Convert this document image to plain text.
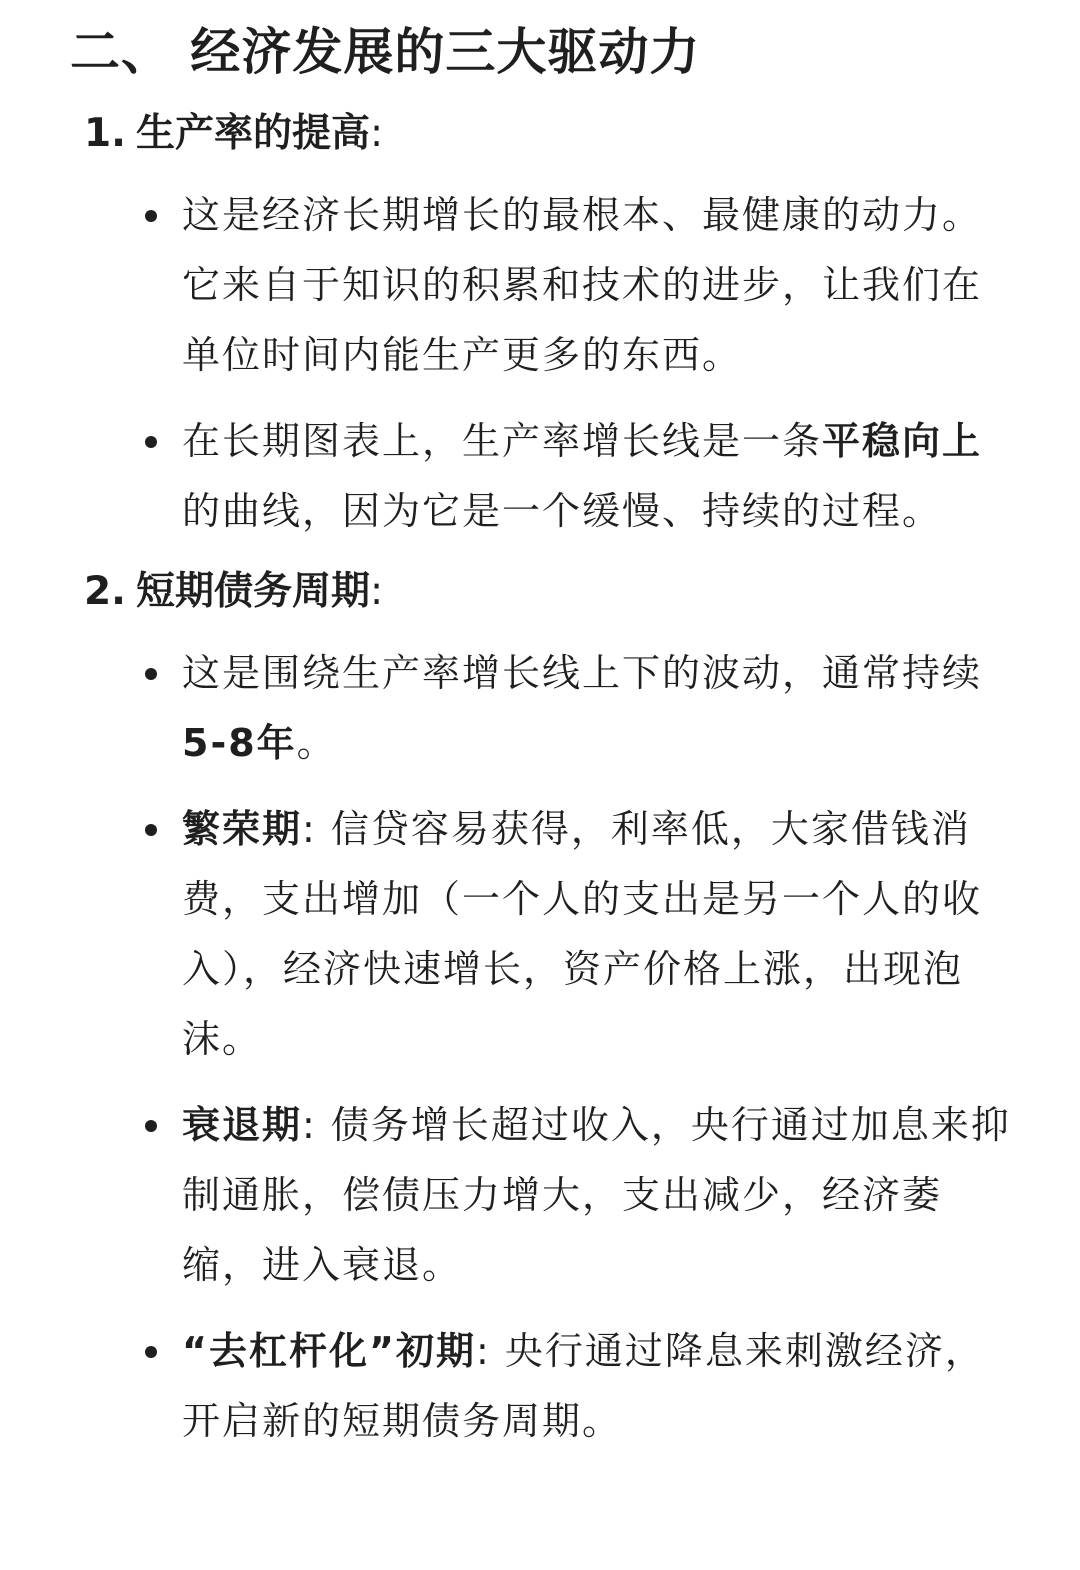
二、 经济发展的三大驱动力
1. 生产率的提高 :
这是经济长期增长的最根本、最健康的动力。它来自于知识的积累和技术的进步，让我们在单位时间内能生产更多的东西。
在长期图表上，生产率增长线是一条平稳向上的曲线，因为它是一个缓慢、持续的过程。
2. 短期债务周期 :
这是围绕生产率增长线上下的波动，通常持续5-8年。
繁荣期: 信贷容易获得，利率低，大家借钱消费，支出增加（一个人的支出是另一个人的收入），经济快速增长，资产价格上涨，出现泡沫。
衰退期: 债务增长超过收入，央行通过加息来抑制通胀，偿债压力增大，支出减少，经济萎缩，进入衰退。
“去杠杆化”初期: 央行通过降息来刺激经济，开启新的短期债务周期。
